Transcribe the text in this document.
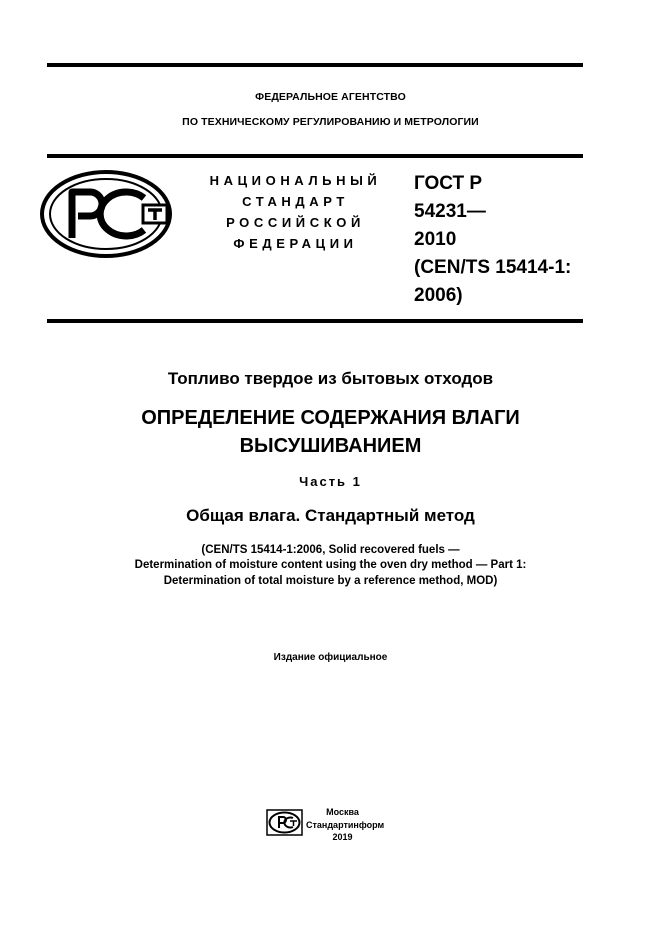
ФЕДЕРАЛЬНОЕ АГЕНТСТВО
ПО ТЕХНИЧЕСКОМУ РЕГУЛИРОВАНИЮ И МЕТРОЛОГИИ
НАЦИОНАЛЬНЫЙ
СТАНДАРТ
РОССИЙСКОЙ
ФЕДЕРАЦИИ
ГОСТ Р
54231—
2010
(CEN/TS 15414-1:
2006)
Топливо твердое из бытовых отходов
ОПРЕДЕЛЕНИЕ СОДЕРЖАНИЯ ВЛАГИ
ВЫСУШИВАНИЕМ
Часть 1
Общая влага. Стандартный метод
(CEN/TS 15414-1:2006, Solid recovered fuels —
Determination of moisture content using the oven dry method — Part 1:
Determination of total moisture by a reference method, MOD)
Издание официальное
Москва
Стандартинформ
2019
